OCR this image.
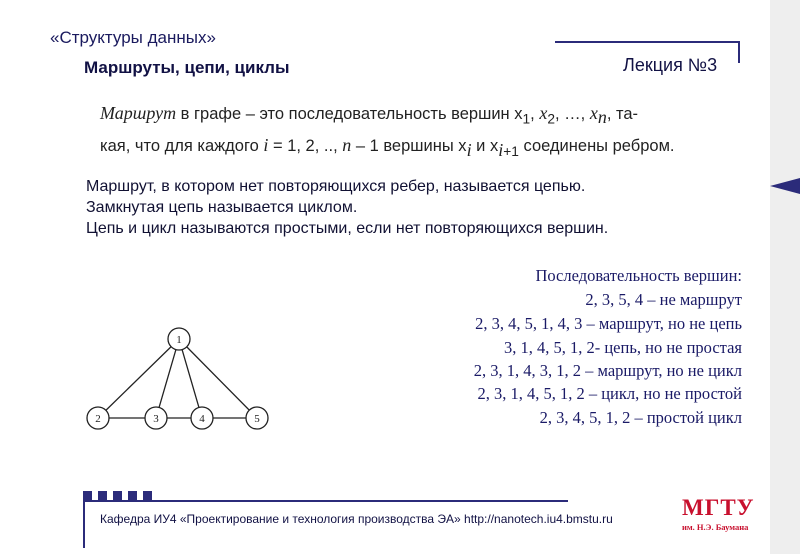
«Структуры данных»
Маршруты, цепи, циклы	Лекция №3
Маршрут в графе – это последовательность вершин $x_1$, $x_2$, …, $x_n$, та-
кая, что для каждого i = 1, 2, .., n – 1 вершины $x_i$ и $x_{i+1}$ соединены ребром.
Маршрут, в котором нет повторяющихся ребер, называется цепью.
Замкнутая цепь называется циклом.
Цепь и цикл называются простыми, если нет повторяющихся вершин.
Последовательность вершин:
2, 3, 5, 4 – не маршрут
2, 3, 4, 5, 1, 4, 3 – маршрут, но не цепь
3, 1, 4, 5, 1, 2- цепь, но не простая
2, 3, 1, 4, 3, 1, 2 – маршрут, но не цикл
2, 3, 1, 4, 5, 1, 2 – цикл, но не простой
2, 3, 4, 5, 1, 2 – простой цикл
1
2	3	4	5
Кафедра ИУ4 «Проектирование и технология производства ЭА» http://nanotech.iu4.bmstu.ru	МГТУ
им. Н.Э. Баумана
